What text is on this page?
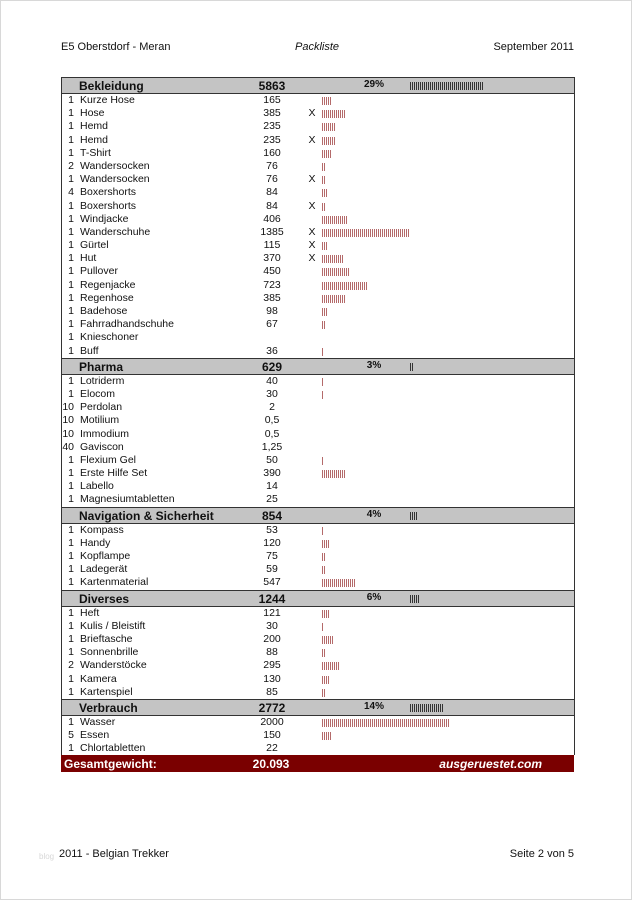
E5 Oberstdorf - Meran	Packliste	September 2011
Bekleidung	5863	29%
1 Kurze Hose	165
1 Hose	385	X
1 Hemd	235
1 Hemd	235	X
1 T-Shirt	160
2 Wandersocken	76
1 Wandersocken	76	X
4 Boxershorts	84
1 Boxershorts	84	X
1 Windjacke	406
1 Wanderschuhe	1385	X
1 Gürtel	115	X
1 Hut	370	X
1 Pullover	450
1 Regenjacke	723
1 Regenhose	385
1 Badehose	98
1 Fahrradhandschuhe	67
1 Knieschoner
1 Buff	36
Pharma	629	3%
1 Lotriderm	40
1 Elocom	30
10 Perdolan	2
10 Motilium	0,5
10 Immodium	0,5
40 Gaviscon	1,25
1 Flexium Gel	50
1 Erste Hilfe Set	390
1 Labello	14
1 Magnesiumtabletten	25
Navigation & Sicherheit	854	4%
1 Kompass	53
1 Handy	120
1 Kopflampe	75
1 Ladegerät	59
1 Kartenmaterial	547
Diverses	1244	6%
1 Heft	121
1 Kulis / Bleistift	30
1 Brieftasche	200
1 Sonnenbrille	88
2 Wanderstöcke	295
1 Kamera	130
1 Kartenspiel	85
Verbrauch	2772	14%
1 Wasser	2000
5 Essen	150
1 Chlortabletten	22
Gesamtgewicht:	20.093	ausgeruestet.com
blog 2011 - Belgian Trekker	Seite 2 von 5
